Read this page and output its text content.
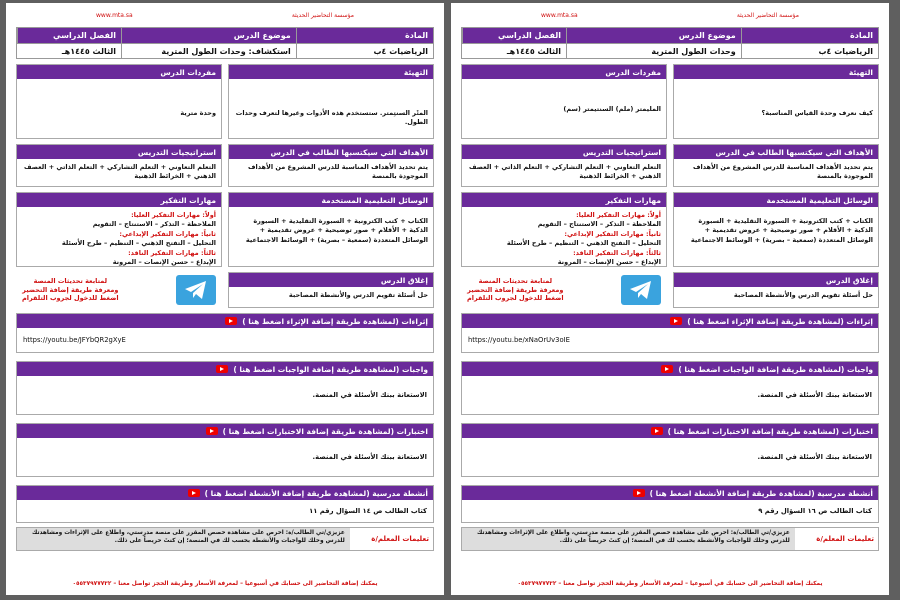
www.mta.sa	مؤسسة التحاضير الحديثة
المادة
موضوع الدرس
الفصل الدراسي
الرياضيات ٤ب
استكشاف: وحدات الطول المترية
الثالث ١٤٤٥هـ
التهيئة
المتْر السنتِمتر. ستستخدم هذه الأدوات وغيرها لتعرف وحدات الطول.
مفردات الدرس
وحدة مترية
الأهداف التي سيكتسبها الطالب في الدرس
يتم تحديد الأهداف المناسبة للدرس المشروع من الأهداف الموجودة بالمنصة
استراتيجيات التدريس
التعلم التعاوني + التعلم التشاركي + التعلم الذاتي + العصف الذهني + الخرائط الذهنية
الوسائل التعليمية المستخدمة
الكتاب + كتب الكترونية + السبورة التقليدية + السبورة الذكية + الأقلام + صور توضيحية + عروض تقديمية + الوسائل المتعددة (سمعية – بصرية) + الوسائط الاجتماعية
مهارات التفكير
أولاً: مهارات التفكير العليا:
الملاحظة – التذكر – الاستنتاج – التقويم
ثانياً: مهارات التفكير الإبداعي:
التحليل – التفتح الذهني – التنظيم – طرح الأسئلة
ثالثاً: مهارات التفكير الناقد:
الإبداع – حسن الإنصات – المرونة
إغلاق الدرس
حل أسئلة تقويم الدرس والأنشطة المصاحبة
لمتابعة تحديثات المنصة
ومعرفة طريقة إضافة التحضير
اضغط للدخول لجروب التلقرام
إثراءات (لمشاهدة طريقة إضافة الإثراء اضغط هنا )
https://youtu.be/JFYbQR2gXyE
واجبات (لمشاهدة طريقة إضافة الواجبات اضغط هنا )
الاستعانة ببنك الأسئلة في المنصة.
اختبارات (لمشاهدة طريقة إضافة الاختبارات اضغط هنا )
الاستعانة ببنك الأسئلة في المنصة.
أنشطة مدرسية (لمشاهدة طريقة إضافة الأنشطة اضغط هنا )
كتاب الطالب ص ١٤ السؤال رقم ١١
تعليمات المعلم/ة
عزيزي/تي الطالب/ة: احرص على مشاهدة حصص المقرر على منصة مدرستي، واطلاع على الإثراءات ومشاهدتك للدرس وحلك للواجبات والأنشطة بحسب لك في المنصة؛ إن كنتَ حريصاً على ذلك.
يمكنك إضافة التحاضير الى حسابك في أسبوعيا – لمعرفة الأسعار وطريقة الحجز تواصل معنا – ٠٥٥٣٧٩٧٧٧٣٢
www.mta.sa	مؤسسة التحاضير الحديثة
المادة
موضوع الدرس
الفصل الدراسي
الرياضيات ٤ب
وحدات الطول المترية
الثالث ١٤٤٥هـ
التهيئة
كيف نعرف وحدة القياس المناسبة؟
مفردات الدرس
المليمتر (ملم) السنتيمتر (سم)
الأهداف التي سيكتسبها الطالب في الدرس
يتم تحديد الأهداف المناسبة للدرس المشروع من الأهداف الموجودة بالمنصة
استراتيجيات التدريس
التعلم التعاوني + التعلم التشاركي + التعلم الذاتي + العصف الذهني + الخرائط الذهنية
الوسائل التعليمية المستخدمة
الكتاب + كتب الكترونية + السبورة التقليدية + السبورة الذكية + الأقلام + صور توضيحية + عروض تقديمية + الوسائل المتعددة (سمعية – بصرية) + الوسائط الاجتماعية
مهارات التفكير
أولاً: مهارات التفكير العليا:
الملاحظة – التذكر – الاستنتاج – التقويم
ثانياً: مهارات التفكير الإبداعي:
التحليل – التفتح الذهني – التنظيم – طرح الأسئلة
ثالثاً: مهارات التفكير الناقد:
الإبداع – حسن الإنصات – المرونة
إغلاق الدرس
حل أسئلة تقويم الدرس والأنشطة المصاحبة
لمتابعة تحديثات المنصة
ومعرفة طريقة إضافة التحضير
اضغط للدخول لجروب التلقرام
إثراءات (لمشاهدة طريقة إضافة الإثراء اضغط هنا )
https://youtu.be/xNaOrUv3oIE
واجبات (لمشاهدة طريقة إضافة الواجبات اضغط هنا )
الاستعانة ببنك الأسئلة في المنصة.
اختبارات (لمشاهدة طريقة إضافة الاختبارات اضغط هنا )
الاستعانة ببنك الأسئلة في المنصة.
أنشطة مدرسية (لمشاهدة طريقة إضافة الأنشطة اضغط هنا )
كتاب الطالب ص ١٦ السؤال رقم ٩
تعليمات المعلم/ة
عزيزي/تي الطالب/ة: احرص على مشاهدة حصص المقرر على منصة مدرستي، واطلاع على الإثراءات ومشاهدتك للدرس وحلك للواجبات والأنشطة بحسب لك في المنصة؛ إن كنتَ حريصاً على ذلك.
يمكنك إضافة التحاضير الى حسابك في أسبوعيا – لمعرفة الأسعار وطريقة الحجز تواصل معنا – ٠٥٥٣٧٩٧٧٧٣٢
